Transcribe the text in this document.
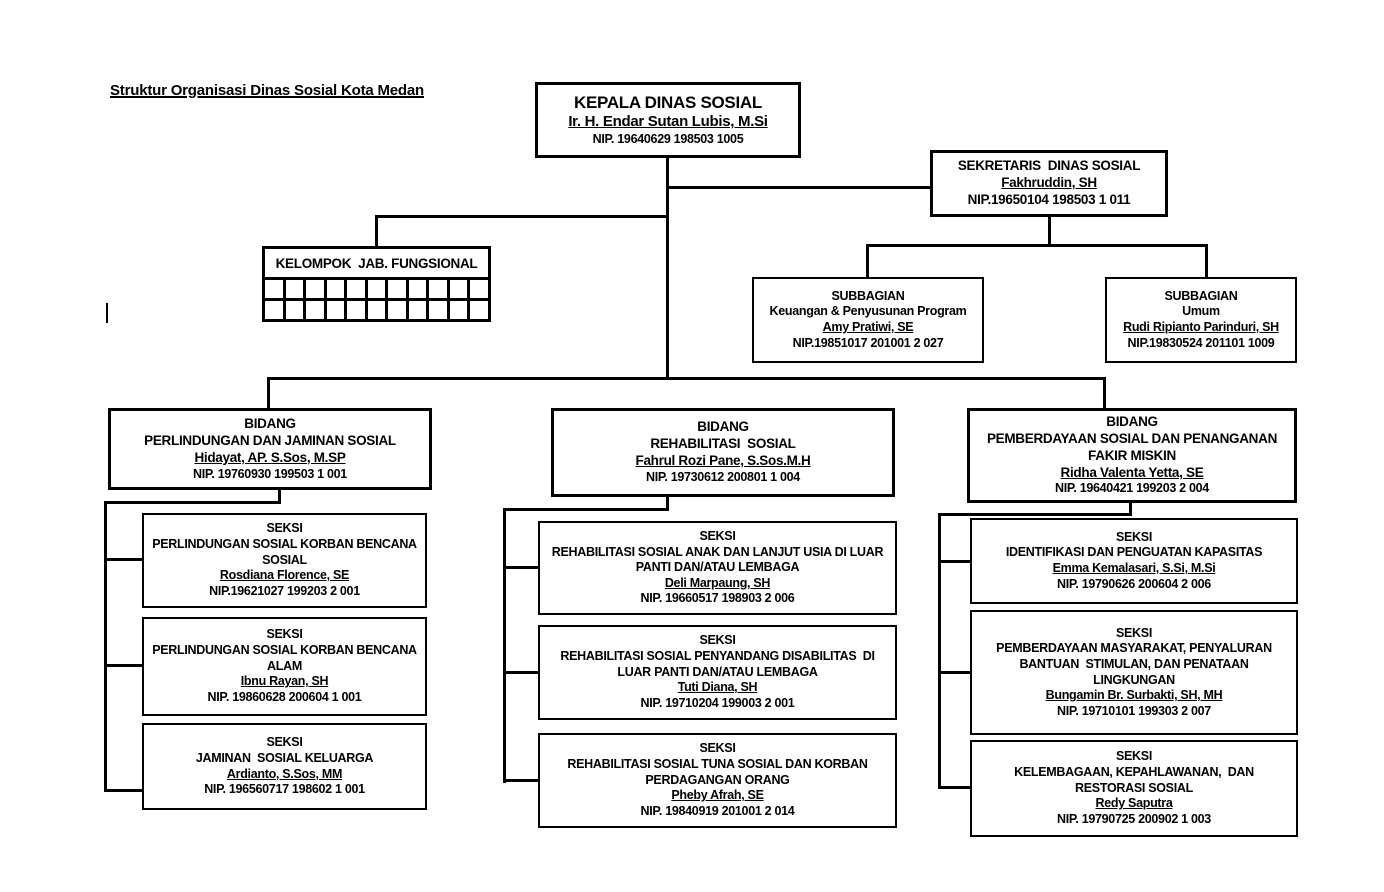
Struktur Organisasi Dinas Sosial Kota Medan
KEPALA DINAS SOSIAL
Ir. H. Endar Sutan Lubis, M.Si
NIP. 19640629 198503 1005
SEKRETARIS  DINAS SOSIAL
Fakhruddin, SH
NIP.19650104 198503 1 011
KELOMPOK  JAB. FUNGSIONAL
SUBBAGIAN
Keuangan & Penyusunan Program
Amy Pratiwi, SE
NIP.19851017 201001 2 027
SUBBAGIAN
Umum
Rudi Ripianto Parinduri, SH
NIP.19830524 201101 1009
BIDANG
PERLINDUNGAN DAN JAMINAN SOSIAL
Hidayat, AP. S.Sos, M.SP
NIP. 19760930 199503 1 001
BIDANG
REHABILITASI  SOSIAL
Fahrul Rozi Pane, S.Sos.M.H
NIP. 19730612 200801 1 004
BIDANG
PEMBERDAYAAN SOSIAL DAN PENANGANAN FAKIR MISKIN
Ridha Valenta Yetta, SE
NIP. 19640421 199203 2 004
SEKSI
PERLINDUNGAN SOSIAL KORBAN BENCANA SOSIAL
Rosdiana Florence, SE
NIP.19621027 199203 2 001
SEKSI
PERLINDUNGAN SOSIAL KORBAN BENCANA ALAM
Ibnu Rayan, SH
NIP. 19860628 200604 1 001
SEKSI
JAMINAN  SOSIAL KELUARGA
Ardianto, S.Sos, MM
NIP. 196560717 198602 1 001
SEKSI
REHABILITASI SOSIAL ANAK DAN LANJUT USIA DI LUAR PANTI DAN/ATAU LEMBAGA
Deli Marpaung, SH
NIP. 19660517 198903 2 006
SEKSI
REHABILITASI SOSIAL PENYANDANG DISABILITAS  DI LUAR PANTI DAN/ATAU LEMBAGA
Tuti Diana, SH
NIP. 19710204 199003 2 001
SEKSI
REHABILITASI SOSIAL TUNA SOSIAL DAN KORBAN PERDAGANGAN ORANG
Pheby Afrah, SE
NIP. 19840919 201001 2 014
SEKSI
IDENTIFIKASI DAN PENGUATAN KAPASITAS
Emma Kemalasari, S.Si, M.Si
NIP. 19790626 200604 2 006
SEKSI
PEMBERDAYAAN MASYARAKAT, PENYALURAN BANTUAN  STIMULAN, DAN PENATAAN LINGKUNGAN
Bungamin Br. Surbakti, SH, MH
NIP. 19710101 199303 2 007
SEKSI
KELEMBAGAAN, KEPAHLAWANAN,  DAN RESTORASI SOSIAL
Redy Saputra
NIP. 19790725 200902 1 003
